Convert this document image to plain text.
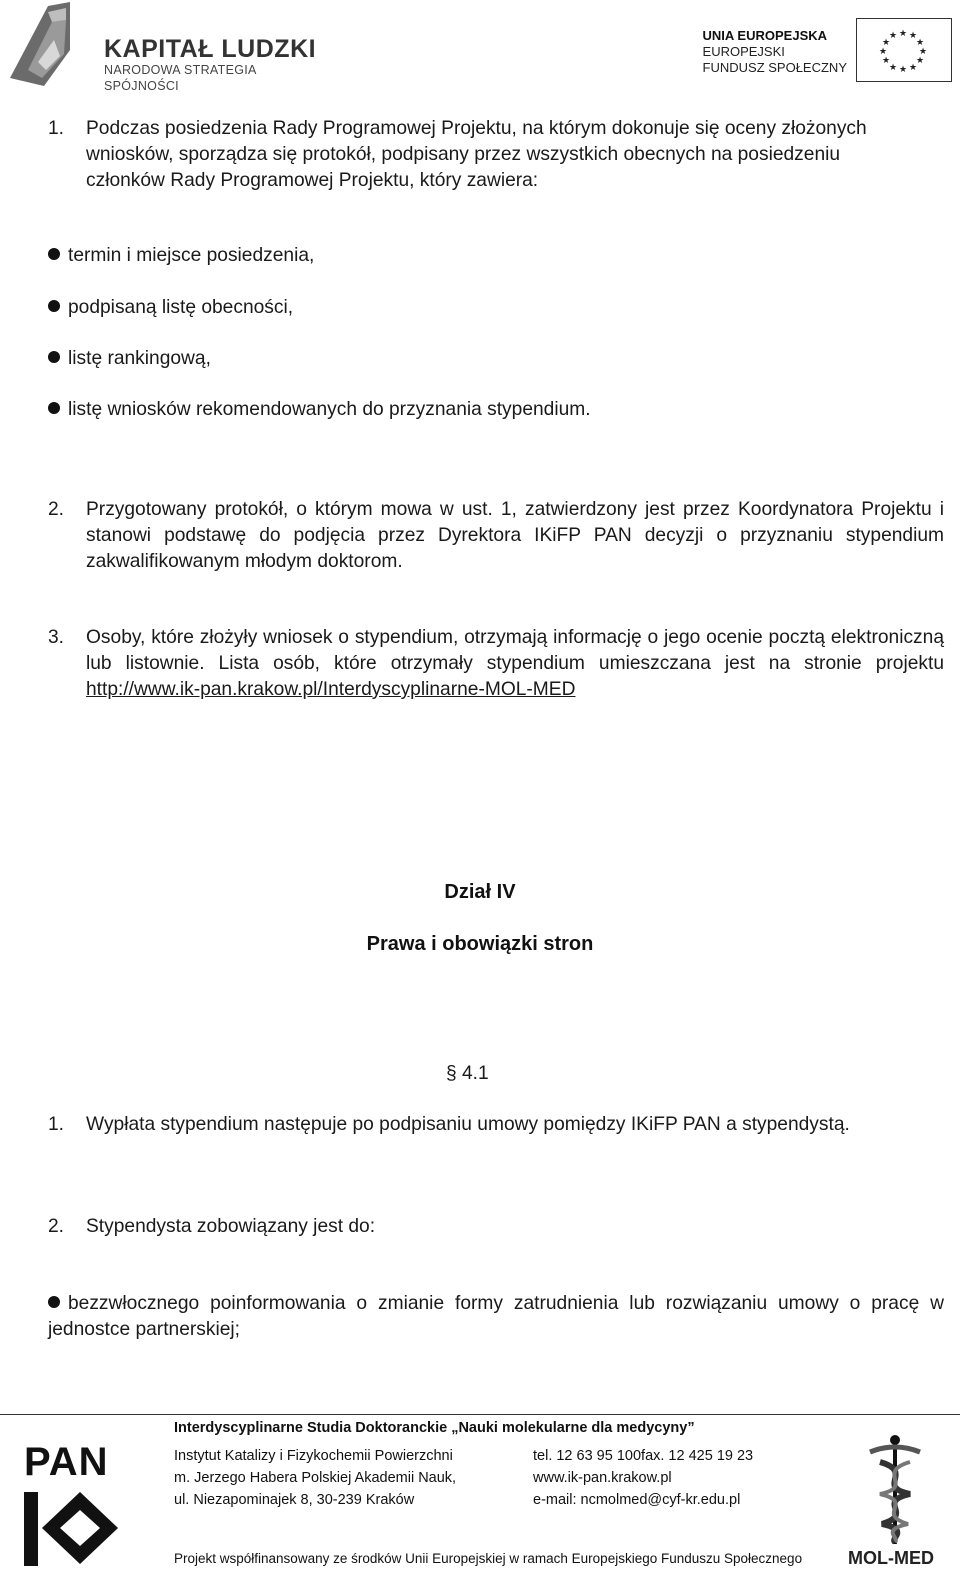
KAPITAŁ LUDZKI
NARODOWA STRATEGIA SPÓJNOŚCI
UNIA EUROPEJSKA
EUROPEJSKI
FUNDUSZ SPOŁECZNY
★ ★
★
★
★
★
★
★
★
★
★
★
1. Podczas posiedzenia Rady Programowej Projektu, na którym dokonuje się oceny złożonych wniosków, sporządza się protokół, podpisany przez wszystkich obecnych na posiedzeniu członków Rady Programowej Projektu, który zawiera:
termin i miejsce posiedzenia,
podpisaną listę obecności,
listę rankingową,
listę wniosków rekomendowanych do przyznania stypendium.
2. Przygotowany protokół, o którym mowa w ust. 1, zatwierdzony jest przez Koordynatora Projektu i stanowi podstawę do podjęcia przez Dyrektora IKiFP PAN decyzji o przyznaniu stypendium zakwalifikowanym młodym doktorom.
3. Osoby, które złożyły wniosek o stypendium, otrzymają informację o jego ocenie pocztą elektroniczną lub listownie. Lista osób, które otrzymały stypendium umieszczana jest na stronie projektu http://www.ik-pan.krakow.pl/Interdyscyplinarne-MOL-MED
Dział IV
Prawa i obowiązki stron
§ 4.1
1. Wypłata stypendium następuje po podpisaniu umowy pomiędzy IKiFP PAN a stypendystą.
2. Stypendysta zobowiązany jest do:
bezzwłocznego poinformowania o zmianie formy zatrudnienia lub rozwiązaniu umowy o pracę w jednostce partnerskiej;
PAN
Interdyscyplinarne Studia Doktoranckie „Nauki molekularne dla medycyny”
Instytut Katalizy i Fizykochemii Powierzchni
m. Jerzego Habera Polskiej Akademii Nauk,
ul. Niezapominajek 8, 30-239 Kraków
tel. 12 63 95 100fax. 12 425 19 23
www.ik-pan.krakow.pl
e-mail: ncmolmed@cyf-kr.edu.pl
Projekt współfinansowany ze środków Unii Europejskiej w ramach Europejskiego Funduszu Społecznego	MOL-MED
